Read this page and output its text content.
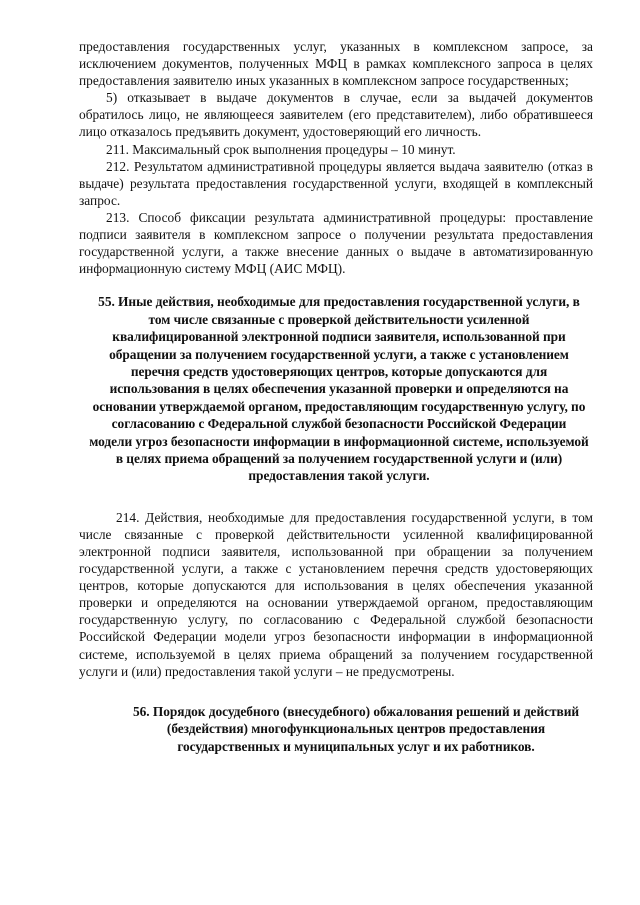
предоставления государственных услуг, указанных в комплексном запросе, за исключением документов, полученных МФЦ в рамках комплексного запроса в целях предоставления заявителю иных указанных в комплексном запросе государственных;

5) отказывает в выдаче документов в случае, если за выдачей документов обратилось лицо, не являющееся заявителем (его представителем), либо обратившееся лицо отказалось предъявить документ, удостоверяющий его личность.

211. Максимальный срок выполнения процедуры – 10 минут.

212. Результатом административной процедуры является выдача заявителю (отказ в выдаче) результата предоставления государственной услуги, входящей в комплексный запрос.

213. Способ фиксации результата административной процедуры: проставление подписи заявителя в комплексном запросе о получении результата предоставления государственной услуги, а также внесение данных о выдаче в автоматизированную информационную систему МФЦ (АИС МФЦ).

55. Иные действия, необходимые для предоставления государственной услуги, в том числе связанные с проверкой действительности усиленной квалифицированной электронной подписи заявителя, использованной при обращении за получением государственной услуги, а также с установлением перечня средств удостоверяющих центров, которые допускаются для использования в целях обеспечения указанной проверки и определяются на основании утверждаемой органом, предоставляющим государственную услугу, по согласованию с Федеральной службой безопасности Российской Федерации модели угроз безопасности информации в информационной системе, используемой в целях приема обращений за получением государственной услуги и (или) предоставления такой услуги.

214. Действия, необходимые для предоставления государственной услуги, в том числе связанные с проверкой действительности усиленной квалифицированной электронной подписи заявителя, использованной при обращении за получением государственной услуги, а также с установлением перечня средств удостоверяющих центров, которые допускаются для использования в целях обеспечения указанной проверки и определяются на основании утверждаемой органом, предоставляющим государственную услугу, по согласованию с Федеральной службой безопасности Российской Федерации модели угроз безопасности информации в информационной системе, используемой в целях приема обращений за получением государственной услуги и (или) предоставления такой услуги – не предусмотрены.

56. Порядок досудебного (внесудебного) обжалования решений и действий (бездействия) многофункциональных центров предоставления государственных и муниципальных услуг и их работников.
